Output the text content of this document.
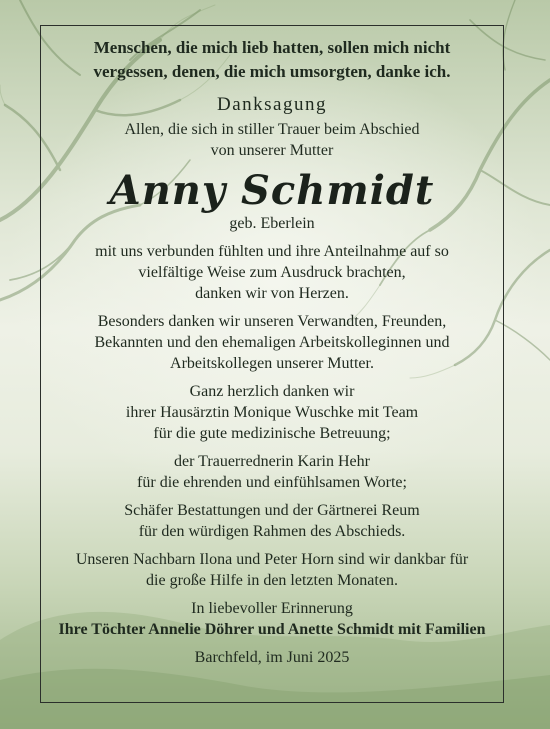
Menschen, die mich lieb hatten, sollen mich nicht
vergessen, denen, die mich umsorgten, danke ich.
Danksagung
Allen, die sich in stiller Trauer beim Abschied
von unserer Mutter
Anny Schmidt
geb. Eberlein
mit uns verbunden fühlten und ihre Anteilnahme auf so
vielfältige Weise zum Ausdruck brachten,
danken wir von Herzen.
Besonders danken wir unseren Verwandten, Freunden,
Bekannten und den ehemaligen Arbeitskolleginnen und
Arbeitskollegen unserer Mutter.
Ganz herzlich danken wir
ihrer Hausärztin Monique Wuschke mit Team
für die gute medizinische Betreuung;
der Trauerrednerin Karin Hehr
für die ehrenden und einfühlsamen Worte;
Schäfer Bestattungen und der Gärtnerei Reum
für den würdigen Rahmen des Abschieds.
Unseren Nachbarn Ilona und Peter Horn sind wir dankbar für
die große Hilfe in den letzten Monaten.
In liebevoller Erinnerung
Ihre Töchter Annelie Döhrer und Anette Schmidt mit Familien
Barchfeld, im Juni 2025
